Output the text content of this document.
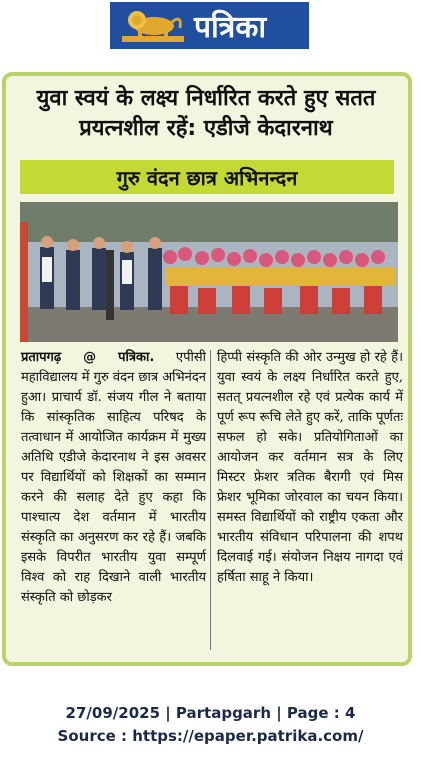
पत्रिका
युवा स्वयं के लक्ष्य निर्धारित करते हुए सतत प्रयत्नशील रहें: एडीजे केदारनाथ
गुरु वंदन छात्र अभिनन्दन
प्रतापगढ़ @ पत्रिका. एपीसी महाविद्यालय में गुरु वंदन छात्र अभिनंदन हुआ। प्राचार्य डॉ. संजय गील ने बताया कि सांस्कृतिक साहित्य परिषद के तत्वाधान में आयोजित कार्यक्रम में मुख्य अतिथि एडीजे केदारनाथ ने इस अवसर पर विद्यार्थियों को शिक्षकों का सम्मान करने की सलाह देते हुए कहा कि पाश्चात्य देश वर्तमान में भारतीय संस्कृति का अनुसरण कर रहे हैं। जबकि इसके विपरीत भारतीय युवा सम्पूर्ण विश्व को राह दिखाने वाली भारतीय संस्कृति को छोड़कर
हिप्पी संस्कृति की ओर उन्मुख हो रहे हैं। युवा स्वयं के लक्ष्य निर्धारित करते हुए, सतत् प्रयत्नशील रहे एवं प्रत्येक कार्य में पूर्ण रूप रूचि लेते हुए करें, ताकि पूर्णतः सफल हो सके। प्रतियोगिताओं का आयोजन कर वर्तमान सत्र के लिए मिस्टर फ्रेशर त्रतिक बैरागी एवं मिस फ्रेशर भूमिका जोरवाल का चयन किया। समस्त विद्यार्थियों को राष्ट्रीय एकता और भारतीय संविधान परिपालना की शपथ दिलवाई गई। संयोजन निक्षय नागदा एवं हर्षिता साहू ने किया।
27/09/2025 | Partapgarh | Page : 4
Source : https://epaper.patrika.com/
